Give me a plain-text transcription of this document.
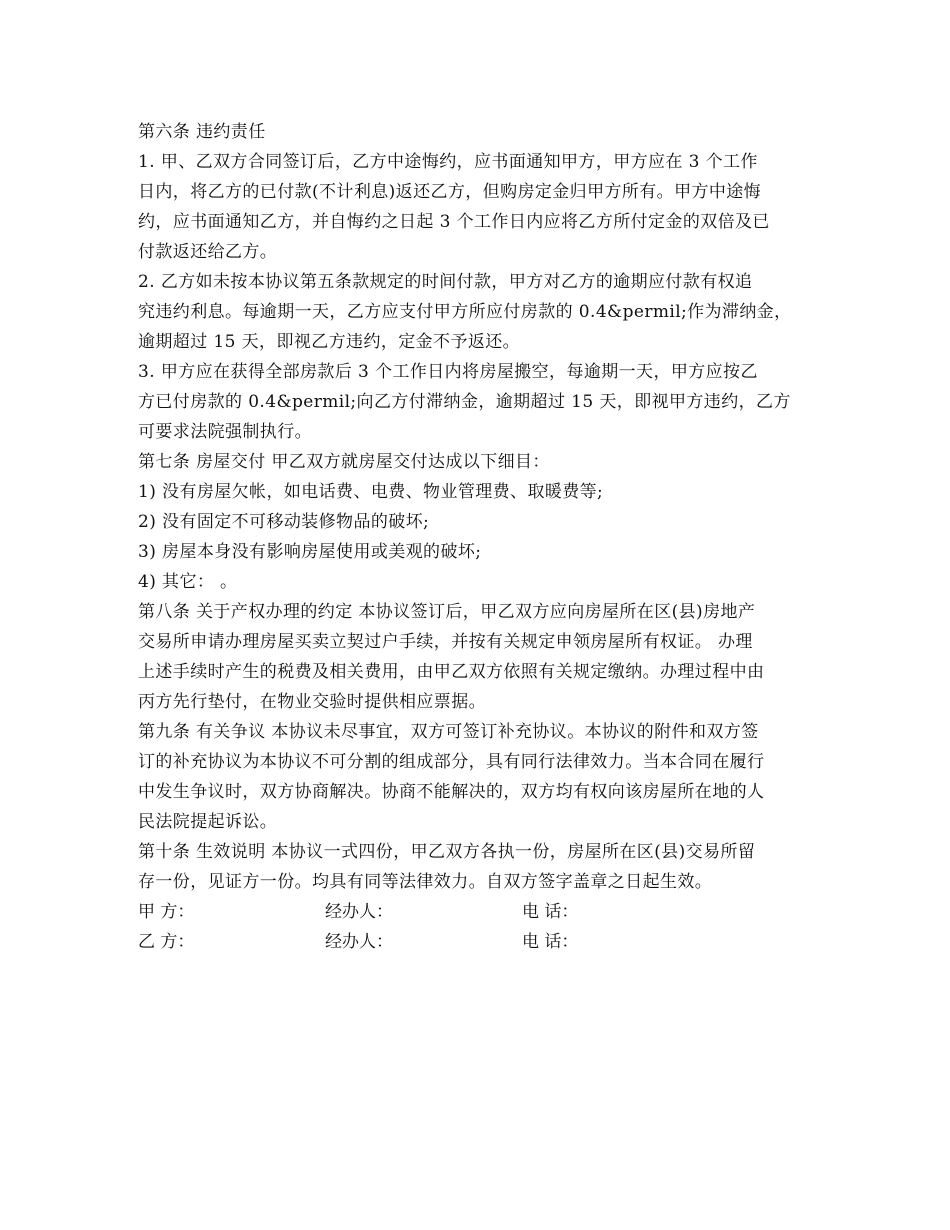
第六条 违约责任
1. 甲、乙双方合同签订后，乙方中途悔约，应书面通知甲方，甲方应在 3 个工作
日内，将乙方的已付款(不计利息)返还乙方，但购房定金归甲方所有。甲方中途悔
约，应书面通知乙方，并自悔约之日起 3 个工作日内应将乙方所付定金的双倍及已
付款返还给乙方。
2. 乙方如未按本协议第五条款规定的时间付款，甲方对乙方的逾期应付款有权追
究违约利息。每逾期一天，乙方应支付甲方所应付房款的 0.4&permil;作为滞纳金，
逾期超过 15 天，即视乙方违约，定金不予返还。
3. 甲方应在获得全部房款后 3 个工作日内将房屋搬空，每逾期一天，甲方应按乙
方已付房款的 0.4&permil;向乙方付滞纳金，逾期超过 15 天，即视甲方违约，乙方
可要求法院强制执行。
第七条 房屋交付 甲乙双方就房屋交付达成以下细目：
1) 没有房屋欠帐，如电话费、电费、物业管理费、取暖费等;
2) 没有固定不可移动装修物品的破坏;
3) 房屋本身没有影响房屋使用或美观的破坏;
4) 其它： 。
第八条 关于产权办理的约定 本协议签订后，甲乙双方应向房屋所在区(县)房地产
交易所申请办理房屋买卖立契过户手续，并按有关规定申领房屋所有权证。 办理
上述手续时产生的税费及相关费用，由甲乙双方依照有关规定缴纳。办理过程中由
丙方先行垫付，在物业交验时提供相应票据。
第九条 有关争议 本协议未尽事宜，双方可签订补充协议。本协议的附件和双方签
订的补充协议为本协议不可分割的组成部分，具有同行法律效力。当本合同在履行
中发生争议时，双方协商解决。协商不能解决的，双方均有权向该房屋所在地的人
民法院提起诉讼。
第十条 生效说明 本协议一式四份，甲乙双方各执一份，房屋所在区(县)交易所留
存一份，见证方一份。均具有同等法律效力。自双方签字盖章之日起生效。
甲 方：	经办人：	电 话：
乙 方：	经办人：	电 话：
